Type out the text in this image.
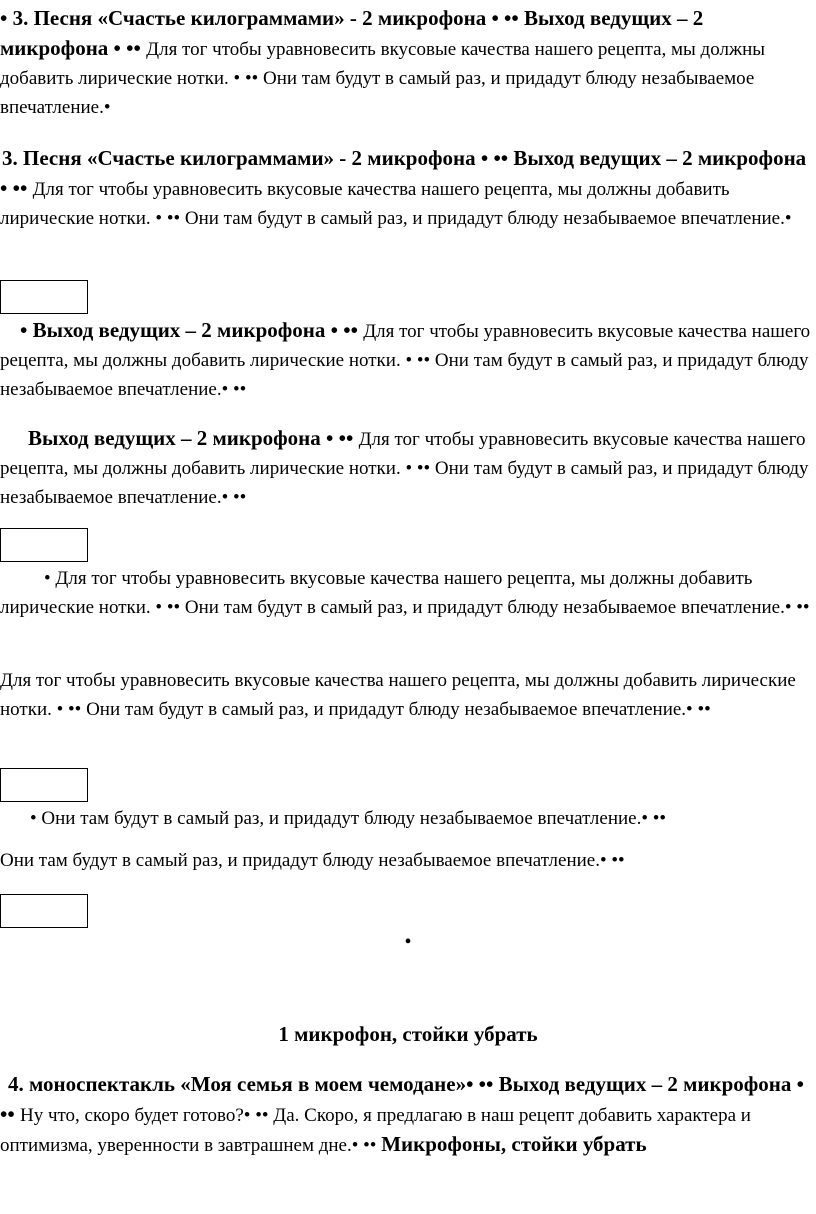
• 3. Песня «Счастье килограммами» - 2 микрофона • •• Выход ведущих – 2 микрофона • •• Для тог чтобы уравновесить вкусовые качества нашего рецепта, мы должны добавить лирические нотки. • •• Они там будут в самый раз, и придадут блюду незабываемое впечатление.•
3. Песня «Счастье килограммами» - 2 микрофона • •• Выход ведущих – 2 микрофона • •• Для тог чтобы уравновесить вкусовые качества нашего рецепта, мы должны добавить лирические нотки. • •• Они там будут в самый раз, и придадут блюду незабываемое впечатление.•
• Выход ведущих – 2 микрофона • •• Для тог чтобы уравновесить вкусовые качества нашего рецепта, мы должны добавить лирические нотки. • •• Они там будут в самый раз, и придадут блюду незабываемое впечатление.• ••
Выход ведущих – 2 микрофона • •• Для тог чтобы уравновесить вкусовые качества нашего рецепта, мы должны добавить лирические нотки. • •• Они там будут в самый раз, и придадут блюду незабываемое впечатление.• ••
• Для тог чтобы уравновесить вкусовые качества нашего рецепта, мы должны добавить лирические нотки. • •• Они там будут в самый раз, и придадут блюду незабываемое впечатление.• ••
Для тог чтобы уравновесить вкусовые качества нашего рецепта, мы должны добавить лирические нотки. • •• Они там будут в самый раз, и придадут блюду незабываемое впечатление.• ••
• Они там будут в самый раз, и придадут блюду незабываемое впечатление.• ••
Они там будут в самый раз, и придадут блюду незабываемое впечатление.• ••
•
1 микрофон, стойки убрать
4. моноспектакль «Моя семья в моем чемодане»• •• Выход ведущих – 2 микрофона • •• Ну что, скоро будет готово?• •• Да. Скоро, я предлагаю в наш рецепт добавить характера и оптимизма, уверенности в завтрашнем дне.• •• Микрофоны, стойки убрать
